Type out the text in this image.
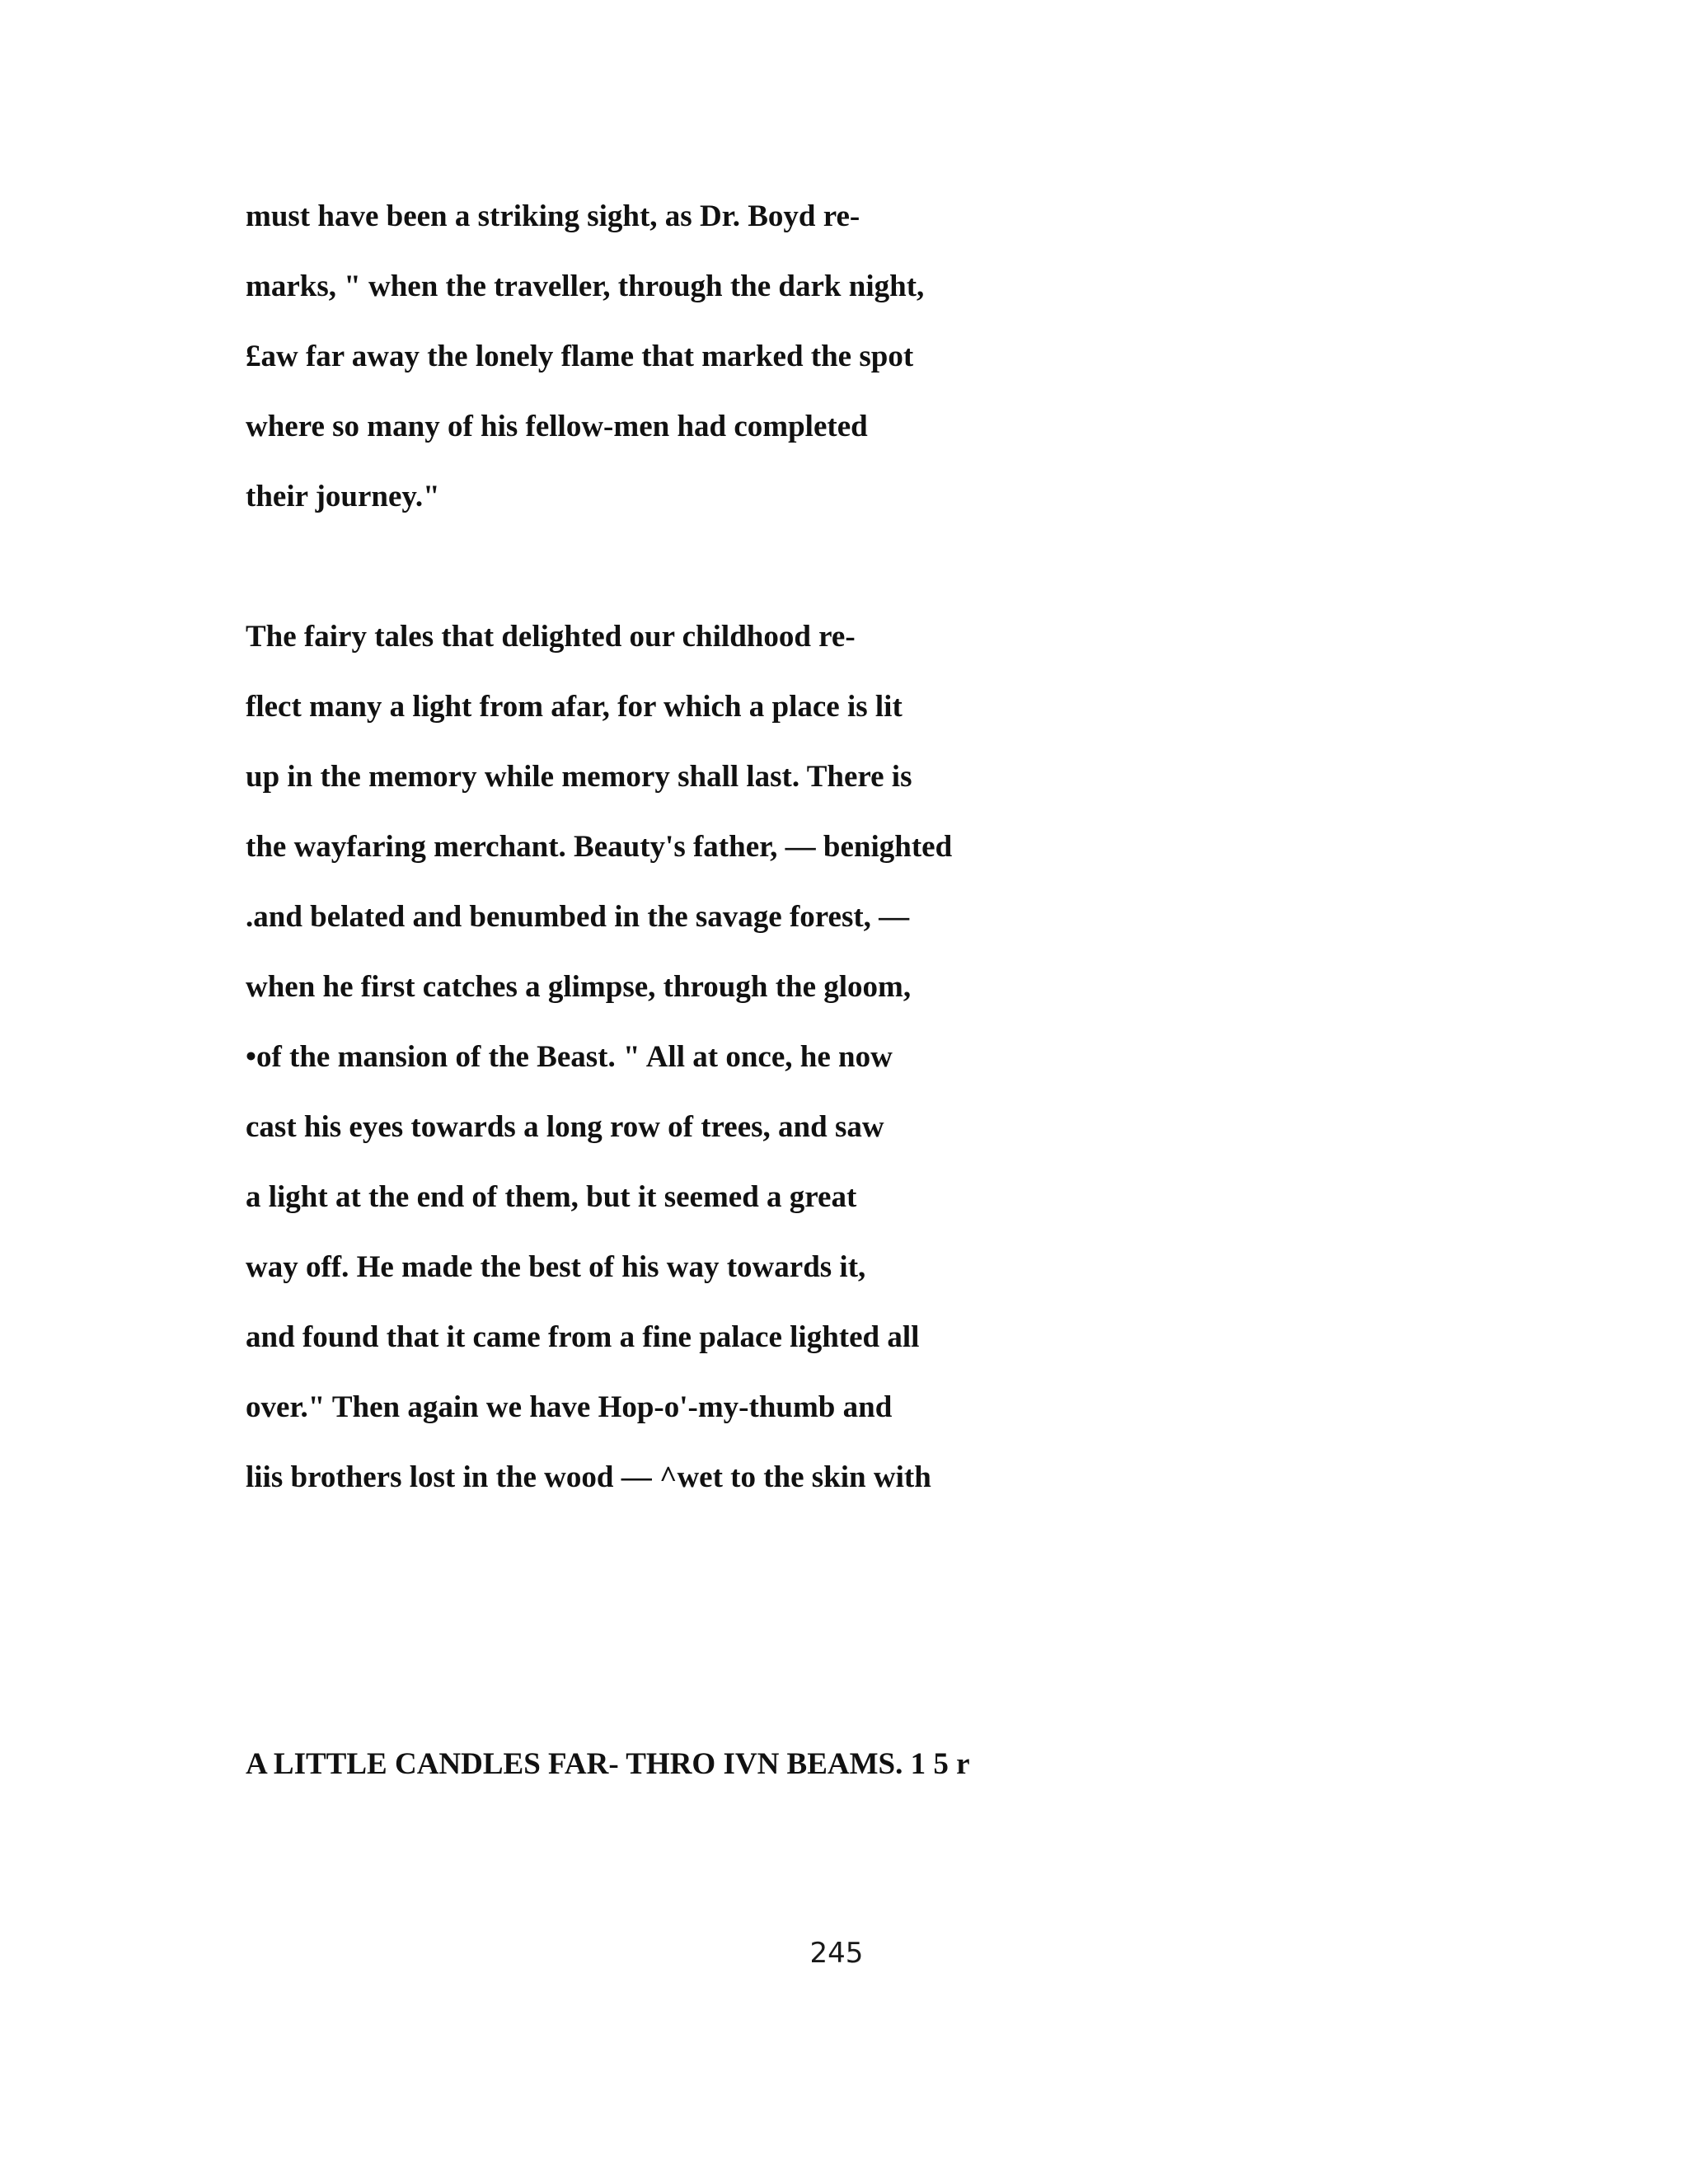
must have been a striking sight, as Dr. Boyd re-
marks, " when the traveller, through the dark night,
£aw far away the lonely flame that marked the spot
where so many of his fellow-men had completed
their journey."
The fairy tales that delighted our childhood re-
flect many a light from afar, for which a place is lit
up in the memory while memory shall last. There is
the wayfaring merchant. Beauty's father, — benighted
.and belated and benumbed in the savage forest, —
when he first catches a glimpse, through the gloom,
•of the mansion of the Beast. " All at once, he now
cast his eyes towards a long row of trees, and saw
a light at the end of them, but it seemed a great
way off. He made the best of his way towards it,
and found that it came from a fine palace lighted all
over." Then again we have Hop-o'-my-thumb and
liis brothers lost in the wood — ^wet to the skin with
A LITTLE CANDLES FAR- THRO IVN BEAMS. 1 5 r
245
